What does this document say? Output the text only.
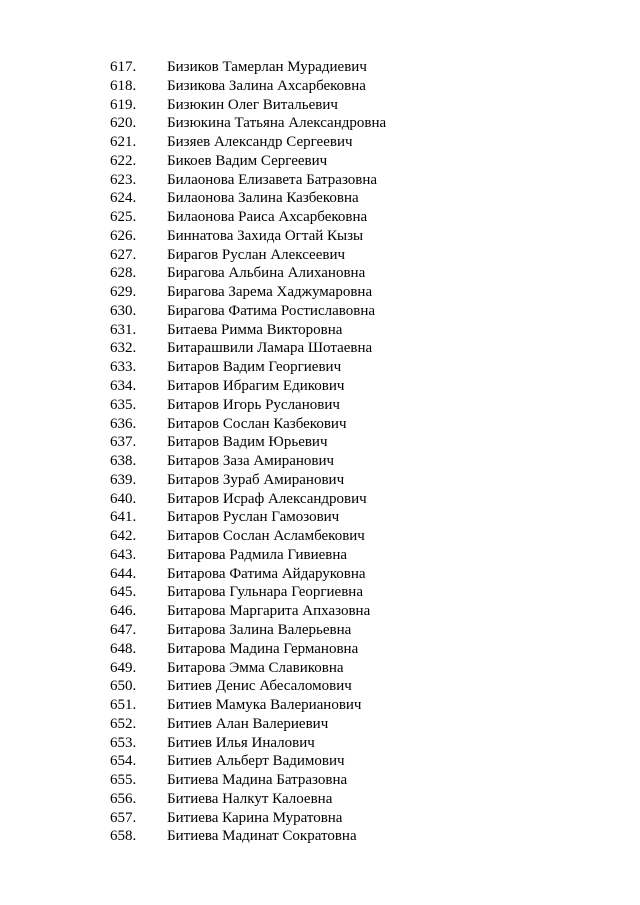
617.	Бизиков Тамерлан Мурадиевич
618.	Бизикова Залина Ахсарбековна
619.	Бизюкин Олег Витальевич
620.	Бизюкина Татьяна Александровна
621.	Бизяев Александр Сергеевич
622.	Бикоев Вадим Сергеевич
623.	Билаонова Елизавета Батразовна
624.	Билаонова Залина Казбековна
625.	Билаонова Раиса Ахсарбековна
626.	Биннатова Захида Огтай Кызы
627.	Бирагов Руслан Алексеевич
628.	Бирагова Альбина Алихановна
629.	Бирагова Зарема Хаджумаровна
630.	Бирагова Фатима Ростиславовна
631.	Битаева Римма Викторовна
632.	Битарашвили Ламара Шотаевна
633.	Битаров Вадим Георгиевич
634.	Битаров Ибрагим Едикович
635.	Битаров Игорь Русланович
636.	Битаров Сослан Казбекович
637.	Битаров Вадим Юрьевич
638.	Битаров Заза Амиранович
639.	Битаров Зураб Амиранович
640.	Битаров Исраф Александрович
641.	Битаров Руслан Гамозович
642.	Битаров Сослан Асламбекович
643.	Битарова Радмила Гивиевна
644.	Битарова Фатима Айдаруковна
645.	Битарова Гульнара Георгиевна
646.	Битарова Маргарита Апхазовна
647.	Битарова Залина Валерьевна
648.	Битарова Мадина Германовна
649.	Битарова Эмма Славиковна
650.	Битиев Денис Абесаломович
651.	Битиев Мамука Валерианович
652.	Битиев Алан Валериевич
653.	Битиев Илья Иналович
654.	Битиев Альберт Вадимович
655.	Битиева Мадина Батразовна
656.	Битиева Налкут Калоевна
657.	Битиева Карина Муратовна
658.	Битиева Мадинат Сократовна
